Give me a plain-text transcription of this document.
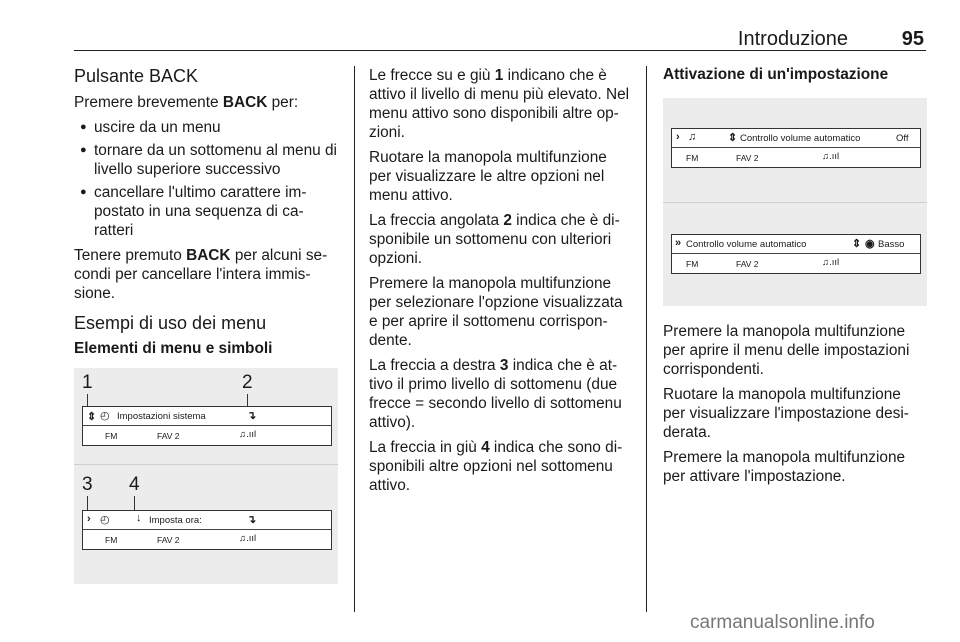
Introduzione	95
Pulsante BACK

Premere brevemente BACK per:

● uscire da un menu
● tornare da un sottomenu al menu di livello superiore successivo
● cancellare l'ultimo carattere im-postato in una sequenza di ca-ratteri

Tenere premuto BACK per alcuni se-condi per cancellare l'intera immis-sione.

Esempi di uso dei menu
Elementi di menu e simboli
1	2
⇕ ◴ Impostazioni sistema	↴
FM	FAV 2	♫.ııl
3 4
› ◴ ↓ Imposta ora:	↴
FM	FAV 2	♫.ııl

Le frecce su e giù 1 indicano che è attivo il livello di menu più elevato. Nel menu attivo sono disponibili altre op-zioni.

Ruotare la manopola multifunzione per visualizzare le altre opzioni nel menu attivo.

La freccia angolata 2 indica che è di-sponibile un sottomenu con ulteriori opzioni.

Premere la manopola multifunzione per selezionare l'opzione visualizzata e per aprire il sottomenu corrispon-dente.

La freccia a destra 3 indica che è at-tivo il primo livello di sottomenu (due frecce = secondo livello di sottomenu attivo).

La freccia in giù 4 indica che sono di-sponibili altre opzioni nel sottomenu attivo.

Attivazione di un'impostazione
› ♫	⇕ Controllo volume automatico	Off
FM	FAV 2	♫.ııl
» Controllo volume automatico	⇕ ◉ Basso
FM	FAV 2	♫.ııl

Premere la manopola multifunzione per aprire il menu delle impostazioni corrispondenti.

Ruotare la manopola multifunzione per visualizzare l'impostazione desi-derata.

Premere la manopola multifunzione per attivare l'impostazione.

carmanualsonline.info
